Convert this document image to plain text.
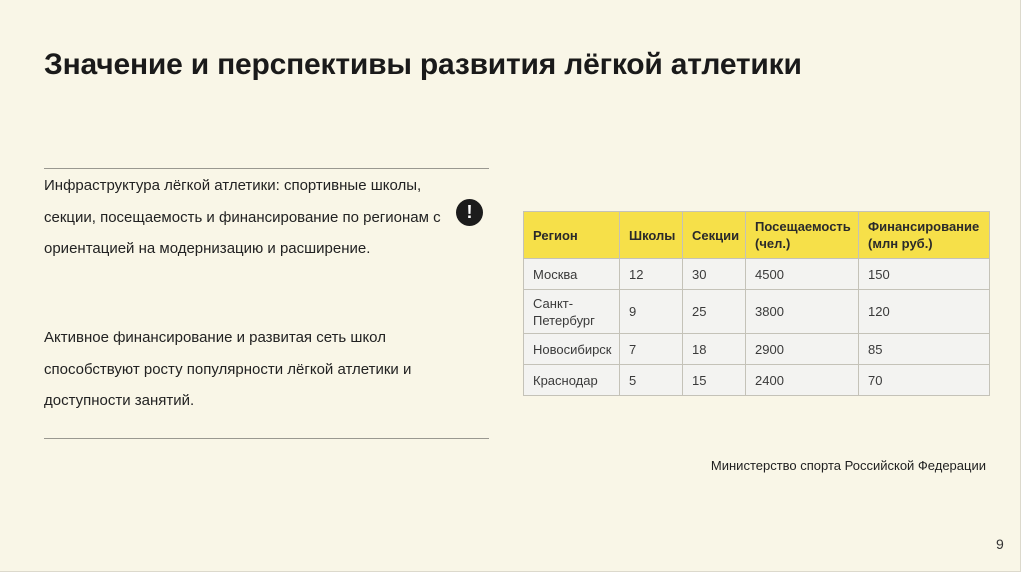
Значение и перспективы развития лёгкой атлетики

Инфраструктура лёгкой атлетики: спортивные школы, секции, посещаемость и финансирование по регионам с ориентацией на модернизацию и расширение.

Активное финансирование и развитая сеть школ способствуют росту популярности лёгкой атлетики и доступности занятий.

!
Регион	Школы	Секции	Посещаемость (чел.)	Финансирование (млн руб.)
Москва	12	30	4500	150
Санкт-Петербург	9	25	3800	120
Новосибирск	7	18	2900	85
Краснодар	5	15	2400	70
Министерство спорта Российской Федерации
9
